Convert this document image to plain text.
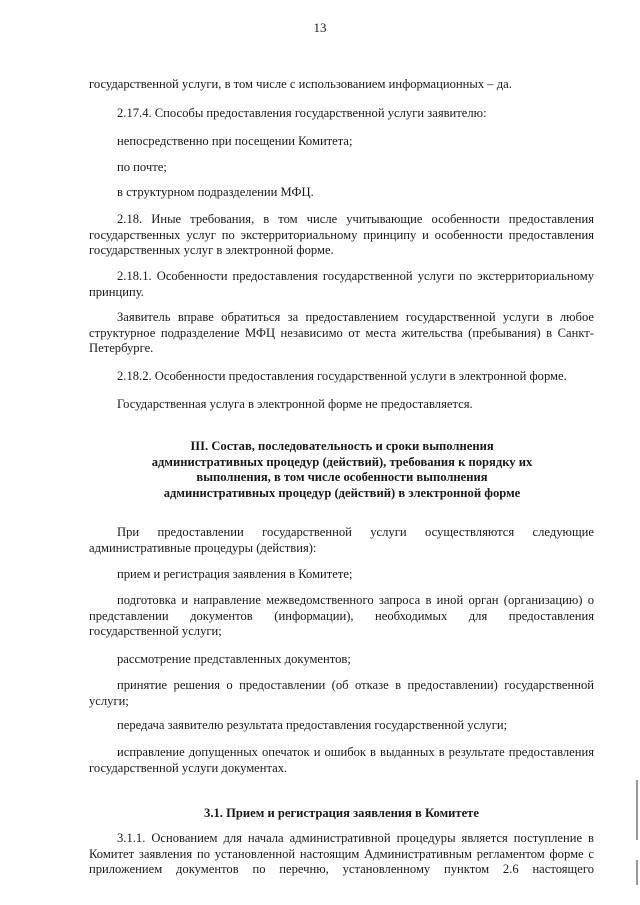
13
государственной услуги, в том числе с использованием информационных – да.
2.17.4. Способы предоставления государственной услуги заявителю:
непосредственно при посещении Комитета;
по почте;
в структурном подразделении МФЦ.
2.18. Иные требования, в том числе учитывающие особенности предоставления государственных услуг по экстерриториальному принципу и особенности предоставления государственных услуг в электронной форме.
2.18.1. Особенности предоставления государственной услуги по экстерриториальному принципу.
Заявитель вправе обратиться за предоставлением государственной услуги в любое структурное подразделение МФЦ независимо от места жительства (пребывания) в Санкт-Петербурге.
2.18.2. Особенности предоставления государственной услуги в электронной форме.
Государственная услуга в электронной форме не предоставляется.
III. Состав, последовательность и сроки выполнения административных процедур (действий), требования к порядку их выполнения, в том числе особенности выполнения административных процедур (действий) в электронной форме
При предоставлении государственной услуги осуществляются следующие административные процедуры (действия):
прием и регистрация заявления в Комитете;
подготовка и направление межведомственного запроса в иной орган (организацию) о представлении документов (информации), необходимых для предоставления государственной услуги;
рассмотрение представленных документов;
принятие решения о предоставлении (об отказе в предоставлении) государственной услуги;
передача заявителю результата предоставления государственной услуги;
исправление допущенных опечаток и ошибок в выданных в результате предоставления государственной услуги документах.
3.1. Прием и регистрация заявления в Комитете
3.1.1. Основанием для начала административной процедуры является поступление в Комитет заявления по установленной настоящим Административным регламентом форме с приложением документов по перечню, установленному пунктом 2.6 настоящего
